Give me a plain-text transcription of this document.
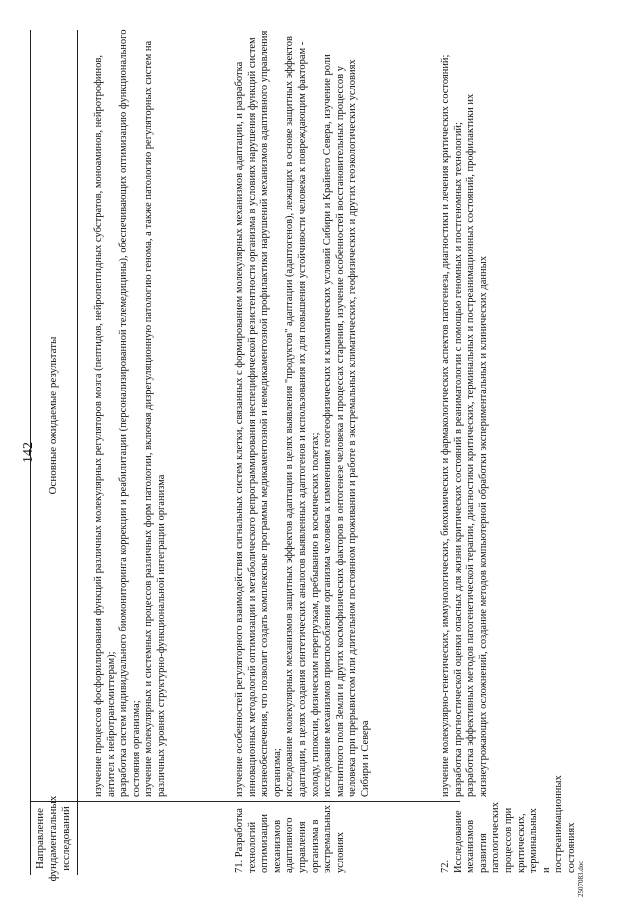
142
Направление фундаментальных исследований
Основные ожидаемые результаты	изучение процессов фосфорилирования функций различных молекулярных регуляторов мозга (пептидов, нейропептидных субстратов, моноаминов, нейротрофинов, антител к нейротрансмиттерам); разработка систем индивидуального биомониторинга коррекции и реабилитации (персонализированной телемедицины), обеспечивающих оптимизацию функционального состояния организма; изучение молекулярных и системных процессов различных форм патологии, включая дизрегуляционную патологию генома, а также патологию регуляторных систем на различных уровнях структурно-функциональной интеграции организма
71. Разработка технологий оптимизации механизмов адаптивного управления организма в экстремальных условиях
изучение особенностей регуляторного взаимодействия сигнальных систем клетки, связанных с формированием молекулярных механизмов адаптации, и разработка инновационных методологий оптимизации и метаболического репрограммирования неспецифической резистентности организма в условиях нарушения функций систем жизнеобеспечения, что позволит создать комплексные программы медикаментозной и немедикаментозной профилактики нарушений механизмов адаптивного управления организма; исследование молекулярных механизмов защитных эффектов адаптации в целях выявления "продуктов" адаптации (адаптогенов), лежащих в основе защитных эффектов адаптации, в целях создания синтетических аналогов выявленных адаптогенов и использования их для повышения устойчивости человека к повреждающим факторам - холоду, гипоксии, физическим перегрузкам, пребыванию в космических полетах; исследование механизмов приспособления организма человека к изменениям геогеофизических и климатических условий Сибири и Крайнего Севера, изучение роли магнитного поля Земли и других космофизических факторов в онтогенезе человека и процессах старения, изучение особенностей восстановительных процессов у человека при прерывистом или длительном постоянном проживании и работе в экстремальных климатических, геофизических и других геоэкологических условиях Сибири и Севера
72. Исследование механизмов развития патологических процессов при критических, терминальных и постреанимационных состояниях
изучение молекулярно-генетических, иммунологических, биохимических и фармакологических аспектов патогенеза, диагностики и лечения критических состояний; разработка прогностической оценки опасных для жизни критических состояний в реаниматологии с помощью геномных и постгеномных технологий; разработка эффективных методов патогенетической терапии, диагностики критических, терминальных и постреанимационных состояний, профилактики их жизнеугрожающих осложнений, создание методов компьютерной обработки экспериментальных и клинических данных
2507083.doc
